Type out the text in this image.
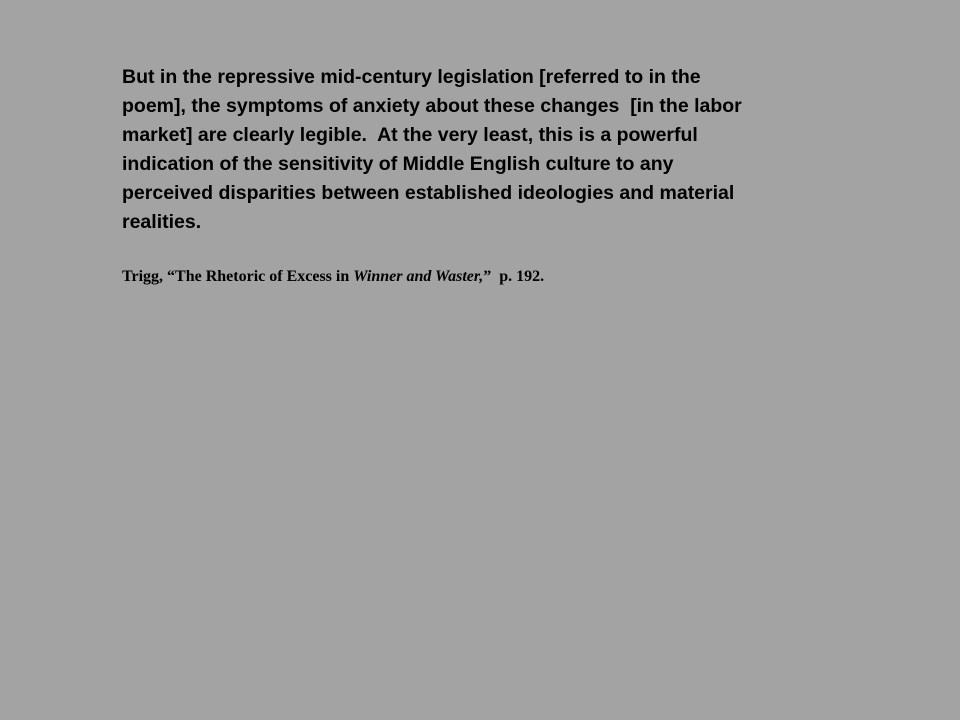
But in the repressive mid-century legislation [referred to in the
poem], the symptoms of anxiety about these changes  [in the labor
market] are clearly legible.  At the very least, this is a powerful
indication of the sensitivity of Middle English culture to any
perceived disparities between established ideologies and material
realities.

Trigg, “The Rhetoric of Excess in Winner and Waster,”  p. 192.
